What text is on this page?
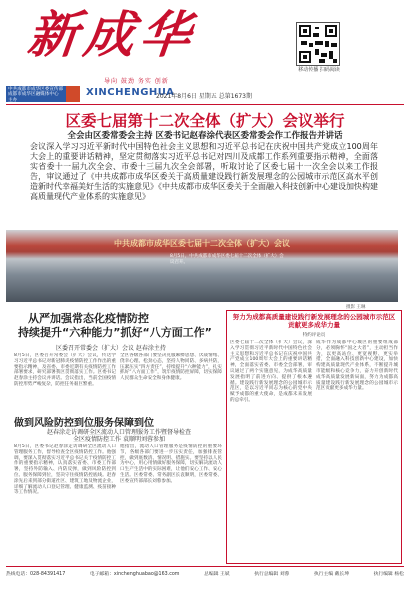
新成华
导向 鼓劲 务实 创新
中共成都市成华区委宣传部 成都市成华区融媒体中心 主办
XINCHENGHUA
2021年8月6日 星期五 总第1673期
移动传播 扫码阅读
区委七届第十二次全体（扩大）会议举行
全会由区委常委会主持 区委书记赵春涂代表区委常委会作工作报告并讲话
会议深入学习习近平新时代中国特色社会主义思想和习近平总书记在庆祝中国共产党成立100周年大会上的重要讲话精神，坚定贯彻落实习近平总书记对四川及成都工作系列重要指示精神，全面落实省委十一届九次全会、市委十三届九次全会部署，听取讨论了区委七届十一次全会以来工作报告，审议通过了《中共成都市成华区委关于高质量建设践行新发展理念的公园城市示范区高水平创造新时代幸福美好生活的实施意见》《中共成都市成华区委关于全面融入科技创新中心建设加快构建高质量现代产业体系的实施意见》
中共成都市成华区委七届十二次全体（扩大）会议
8月5日，中共成都市成华区委七届十二次全体（扩大）会议召开。
摄影 王琳
从严加强常态化疫情防控
持续提升“六种能力”抓好“八方面工作”
区委召开常委会（扩大）会议 赵春涂主持
8月5日，区委召开常委会（扩大）会议，传达学习习近平总书记对新冠肺炎疫情防控工作作出的重要指示精神，及省委、市委近期有关疫情防控工作部署要求，研究部署我区贯彻落实工作。区委书记赵春涂主持会议并讲话。会议指出，当前全国疫情防控形势严峻复杂，防控任务艰巨繁重。
全区各级各部门要坚决克服麻痹思想、厌战情绪、侥幸心理、松劲心态，坚持人物同防、多病共防，压紧压实“四方责任”，持续提升“六种能力”，扎实抓好“八方面工作”，筑牢疫情防控屏障，切实保障人民群众生命安全和身体健康。
做到风险防控到位服务保障到位
赵春涂走访调研全区流动人口管理服务工作暨督导检查
全区疫情防控工作 袁顺明刘蓉参加
8月5日，区委书记赵春涂走访调研全区流动人口管理服务工作，督导检查全区疫情防控工作。他强调，要深入贯彻落实习近平总书记关于疫情防控工作的重要指示精神，认真落实省委、市委工作部署，坚持外防输入、内防反弹，做到风险防控到位、服务保障到位，坚决守住疫情防控底线。赵春涂先后来到部分街道社区、建筑工地及物流企业，详细了解流动人口登记管理、健康监测、疫苗接种等工作情况。
他指出，流动人口管理服务是疫情防控的重要环节，各级各部门要进一步压实责任，加强排查管控，做到底数清、情况明、措施实。要坚持以人民为中心，用心用情做好服务保障，切实解决流动人口生产生活中的实际困难，让他们安心工作、安心生活。区委常委、常务副区长袁顺明，区委常委、区委宣传部部长刘蓉参加。
努力为成都高质量建设践行新发展理念的公园城市示范区贡献更多成华力量
特约评论员
区委七届十二次全体（扩大）会议，深入学习贯彻习近平新时代中国特色社会主义思想和习近平总书记在庆祝中国共产党成立100周年大会上的重要讲话精神，全面落实省委、市委全会部署，审议通过了两个实施意见，为成华高质量发展指明了前进方向、提供了根本遵循。建设践行新发展理念的公园城市示范区，是以习近平同志为核心的党中央赋予成都的重大使命，是成都未来发展的总牵引。
成华作为成都中心城区的重要组成部分，必须胸怀“国之大者”，主动担当作为，以更高站位、更宽视野、更实举措，全面融入科技创新中心建设，加快构建高质量现代产业体系，不断提升城市能级和核心竞争力，奋力开创新时代成华高质量发展新局面，努力为成都高质量建设践行新发展理念的公园城市示范区贡献更多成华力量。
热线电话：028-84391417	电子邮箱：xinchenghuabao@163.com	总编辑 王斌	执行总编辑 刘蓉	执行主编 戴长坤	执行编辑 杨松
